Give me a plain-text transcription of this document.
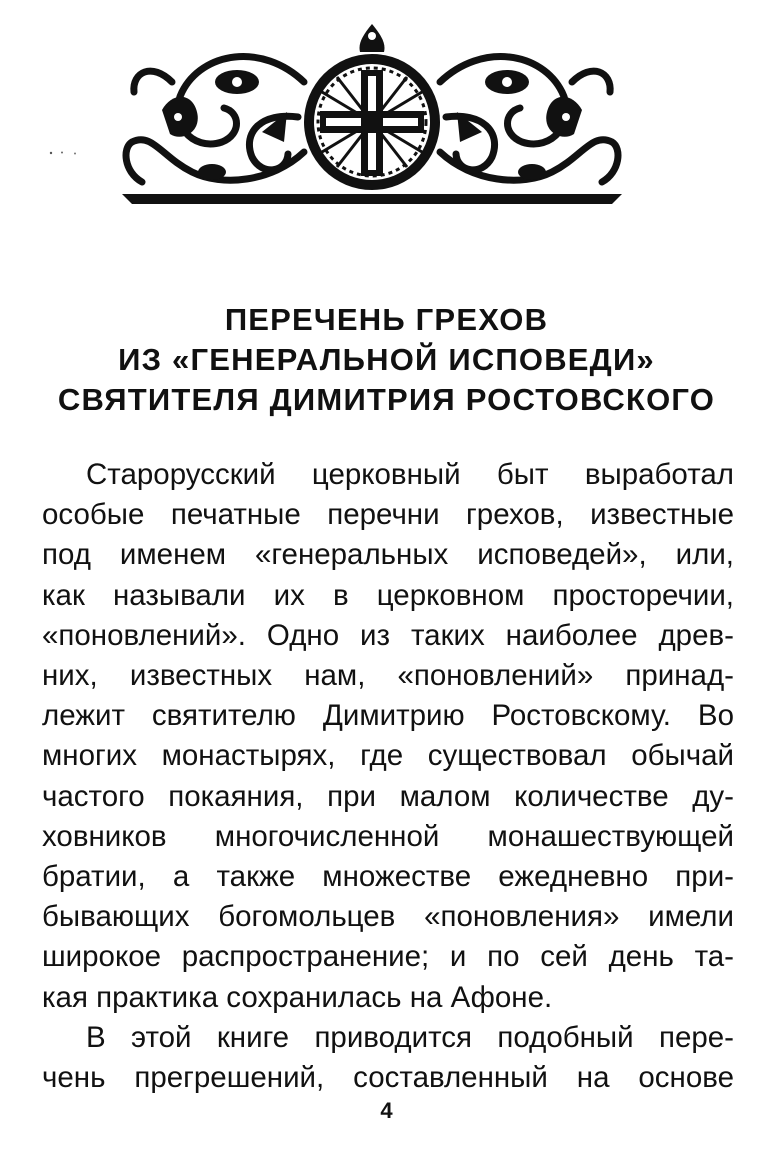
ПЕРЕЧЕНЬ ГРЕХОВ
ИЗ «ГЕНЕРАЛЬНОЙ ИСПОВЕДИ»
СВЯТИТЕЛЯ ДИМИТРИЯ РОСТОВСКОГО
Старорусский церковный быт выработал
особые печатные перечни грехов, известные
под именем «генеральных исповедей», или,
как называли их в церковном просторечии,
«поновлений». Одно из таких наиболее древ-
них, известных нам, «поновлений» принад-
лежит святителю Димитрию Ростовскому. Во
многих монастырях, где существовал обычай
частого покаяния, при малом количестве ду-
ховников многочисленной монашествующей
братии, а также множестве ежедневно при-
бывающих богомольцев «поновления» имели
широкое распространение; и по сей день та-
кая практика сохранилась на Афоне.
В этой книге приводится подобный пере-
чень прегрешений, составленный на основе
4
